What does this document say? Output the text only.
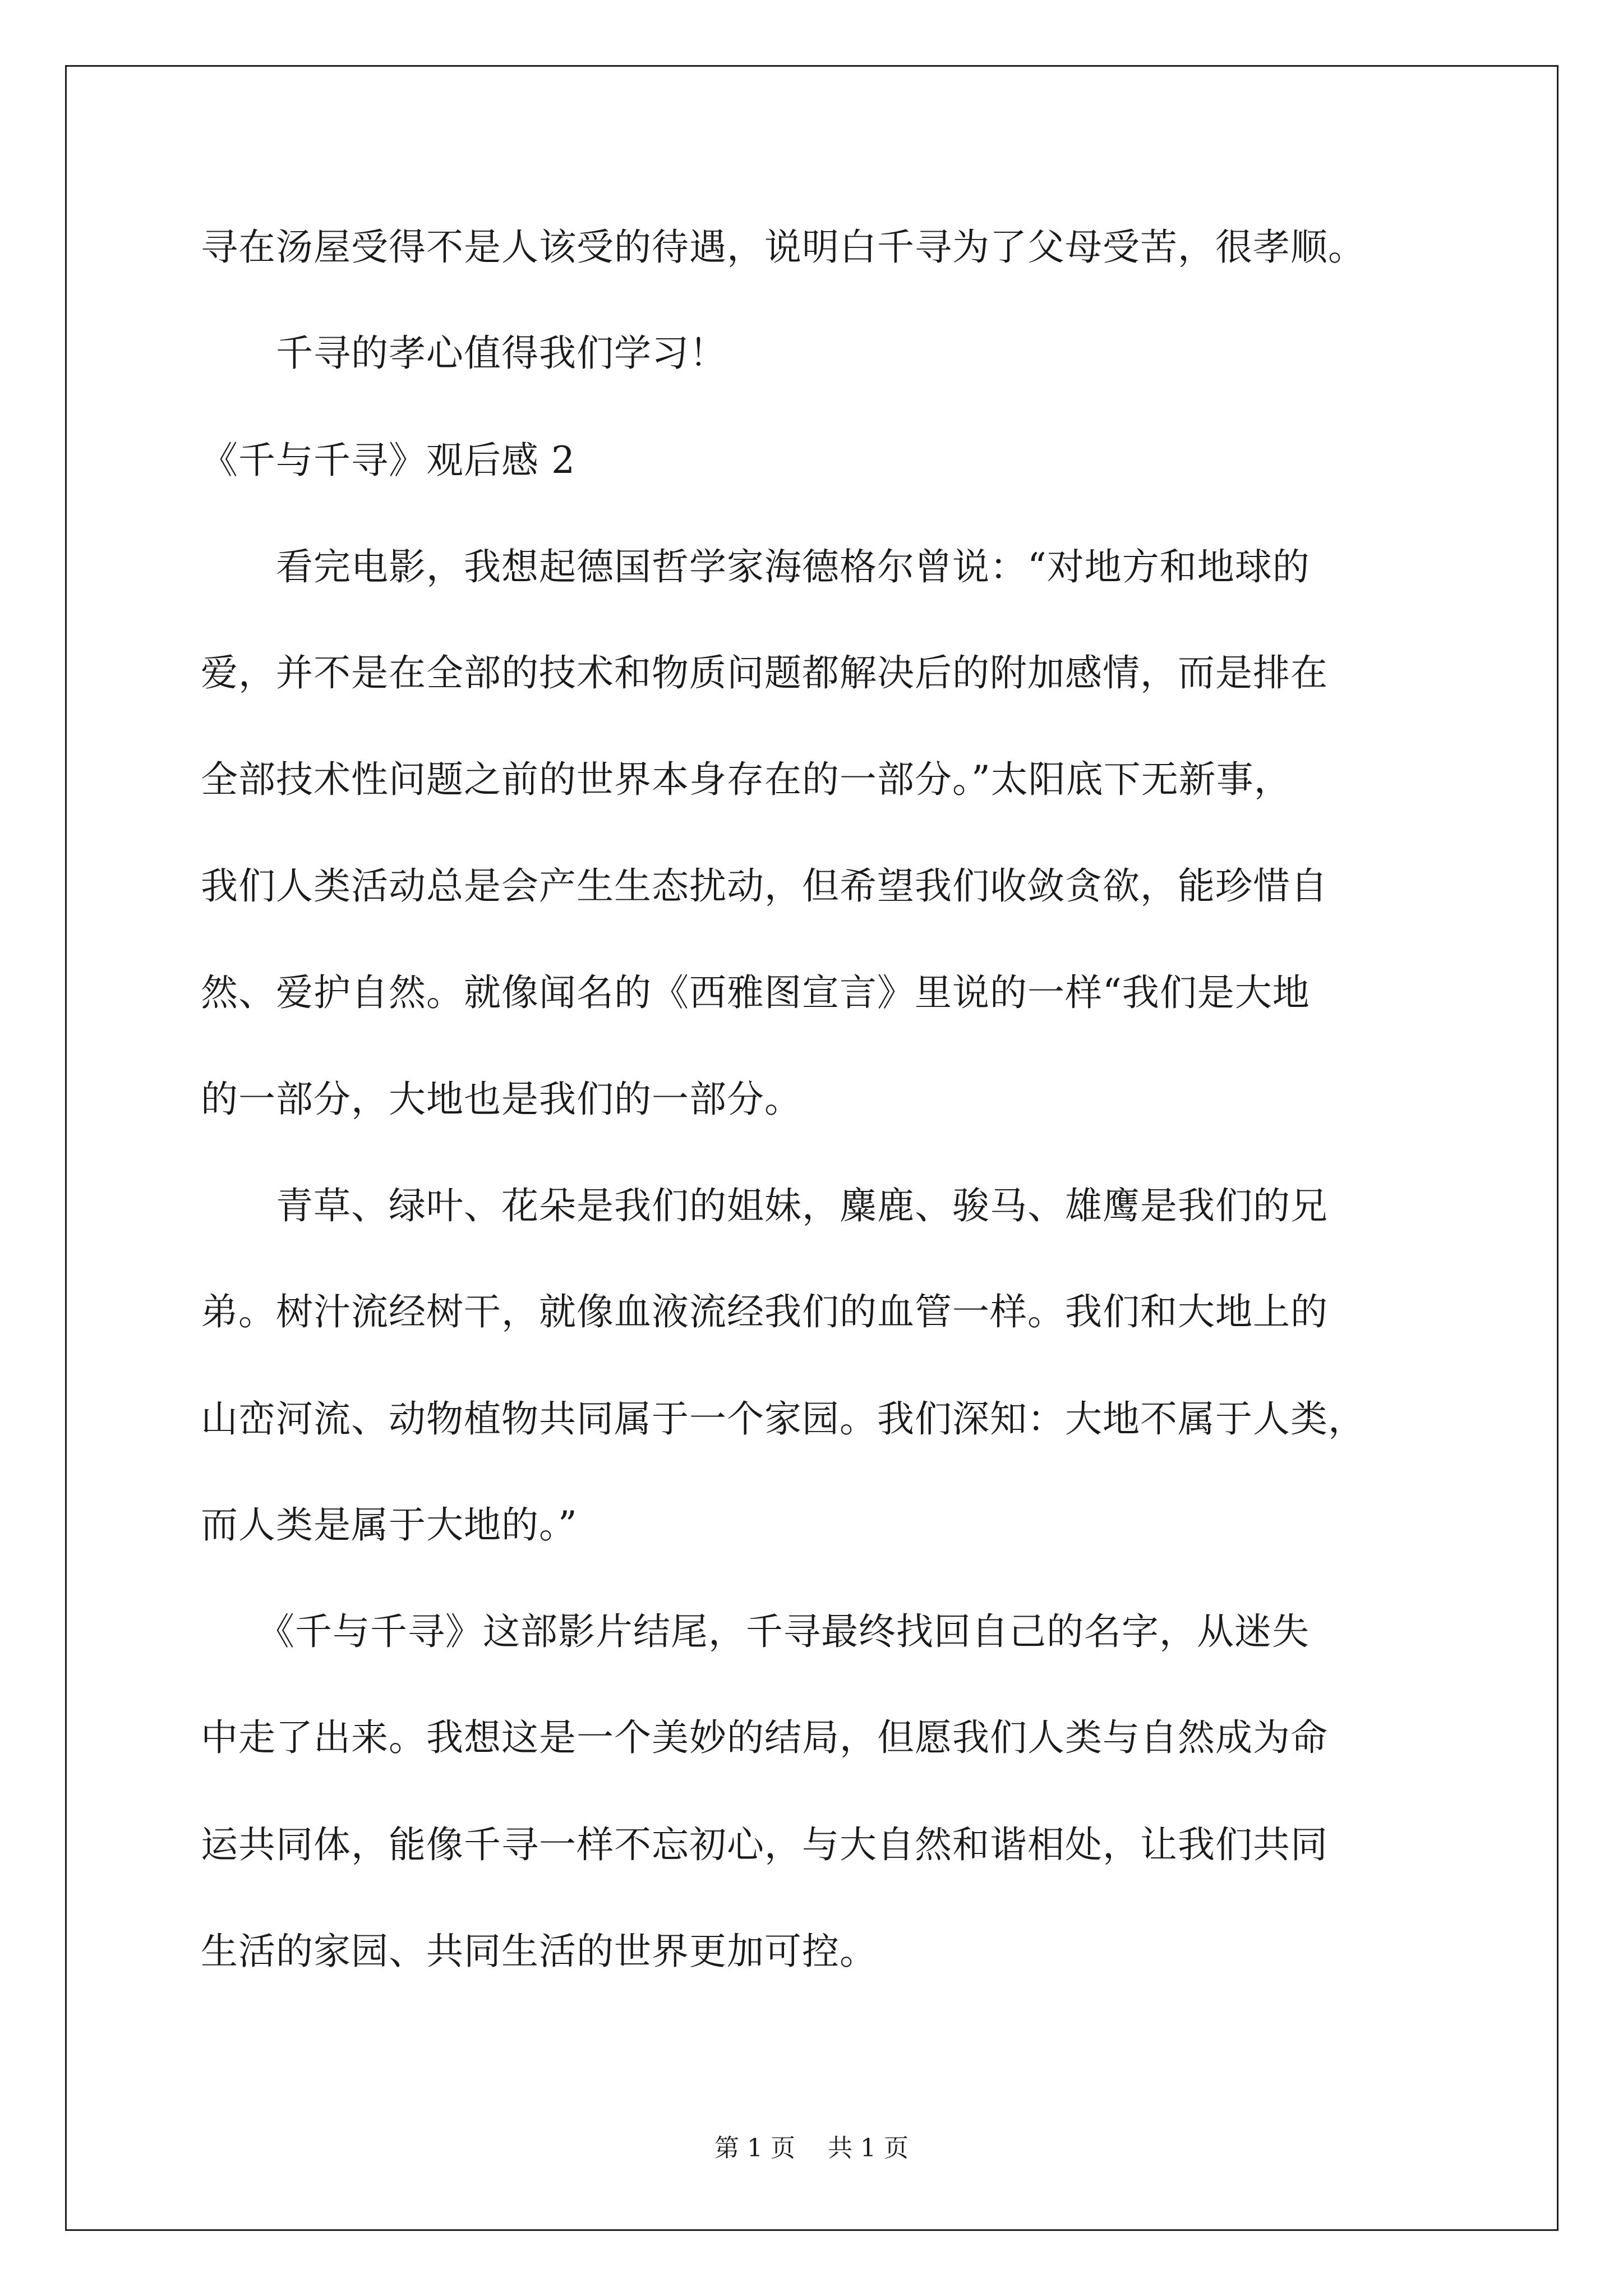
寻在汤屋受得不是人该受的待遇，说明白千寻为了父母受苦，很孝顺。
　　千寻的孝心值得我们学习！
《千与千寻》观后感 2
　　看完电影，我想起德国哲学家海德格尔曾说：“对地方和地球的
爱，并不是在全部的技术和物质问题都解决后的附加感情，而是排在
全部技术性问题之前的世界本身存在的一部分。”太阳底下无新事，
我们人类活动总是会产生生态扰动，但希望我们收敛贪欲，能珍惜自
然、爱护自然。就像闻名的《西雅图宣言》里说的一样“我们是大地
的一部分，大地也是我们的一部分。
　　青草、绿叶、花朵是我们的姐妹，麋鹿、骏马、雄鹰是我们的兄
弟。树汁流经树干，就像血液流经我们的血管一样。我们和大地上的
山峦河流、动物植物共同属于一个家园。我们深知：大地不属于人类，
而人类是属于大地的。”
　　《千与千寻》这部影片结尾，千寻最终找回自己的名字，从迷失
中走了出来。我想这是一个美妙的结局，但愿我们人类与自然成为命
运共同体，能像千寻一样不忘初心，与大自然和谐相处，让我们共同
生活的家园、共同生活的世界更加可控。
第 1 页　 共 1 页
